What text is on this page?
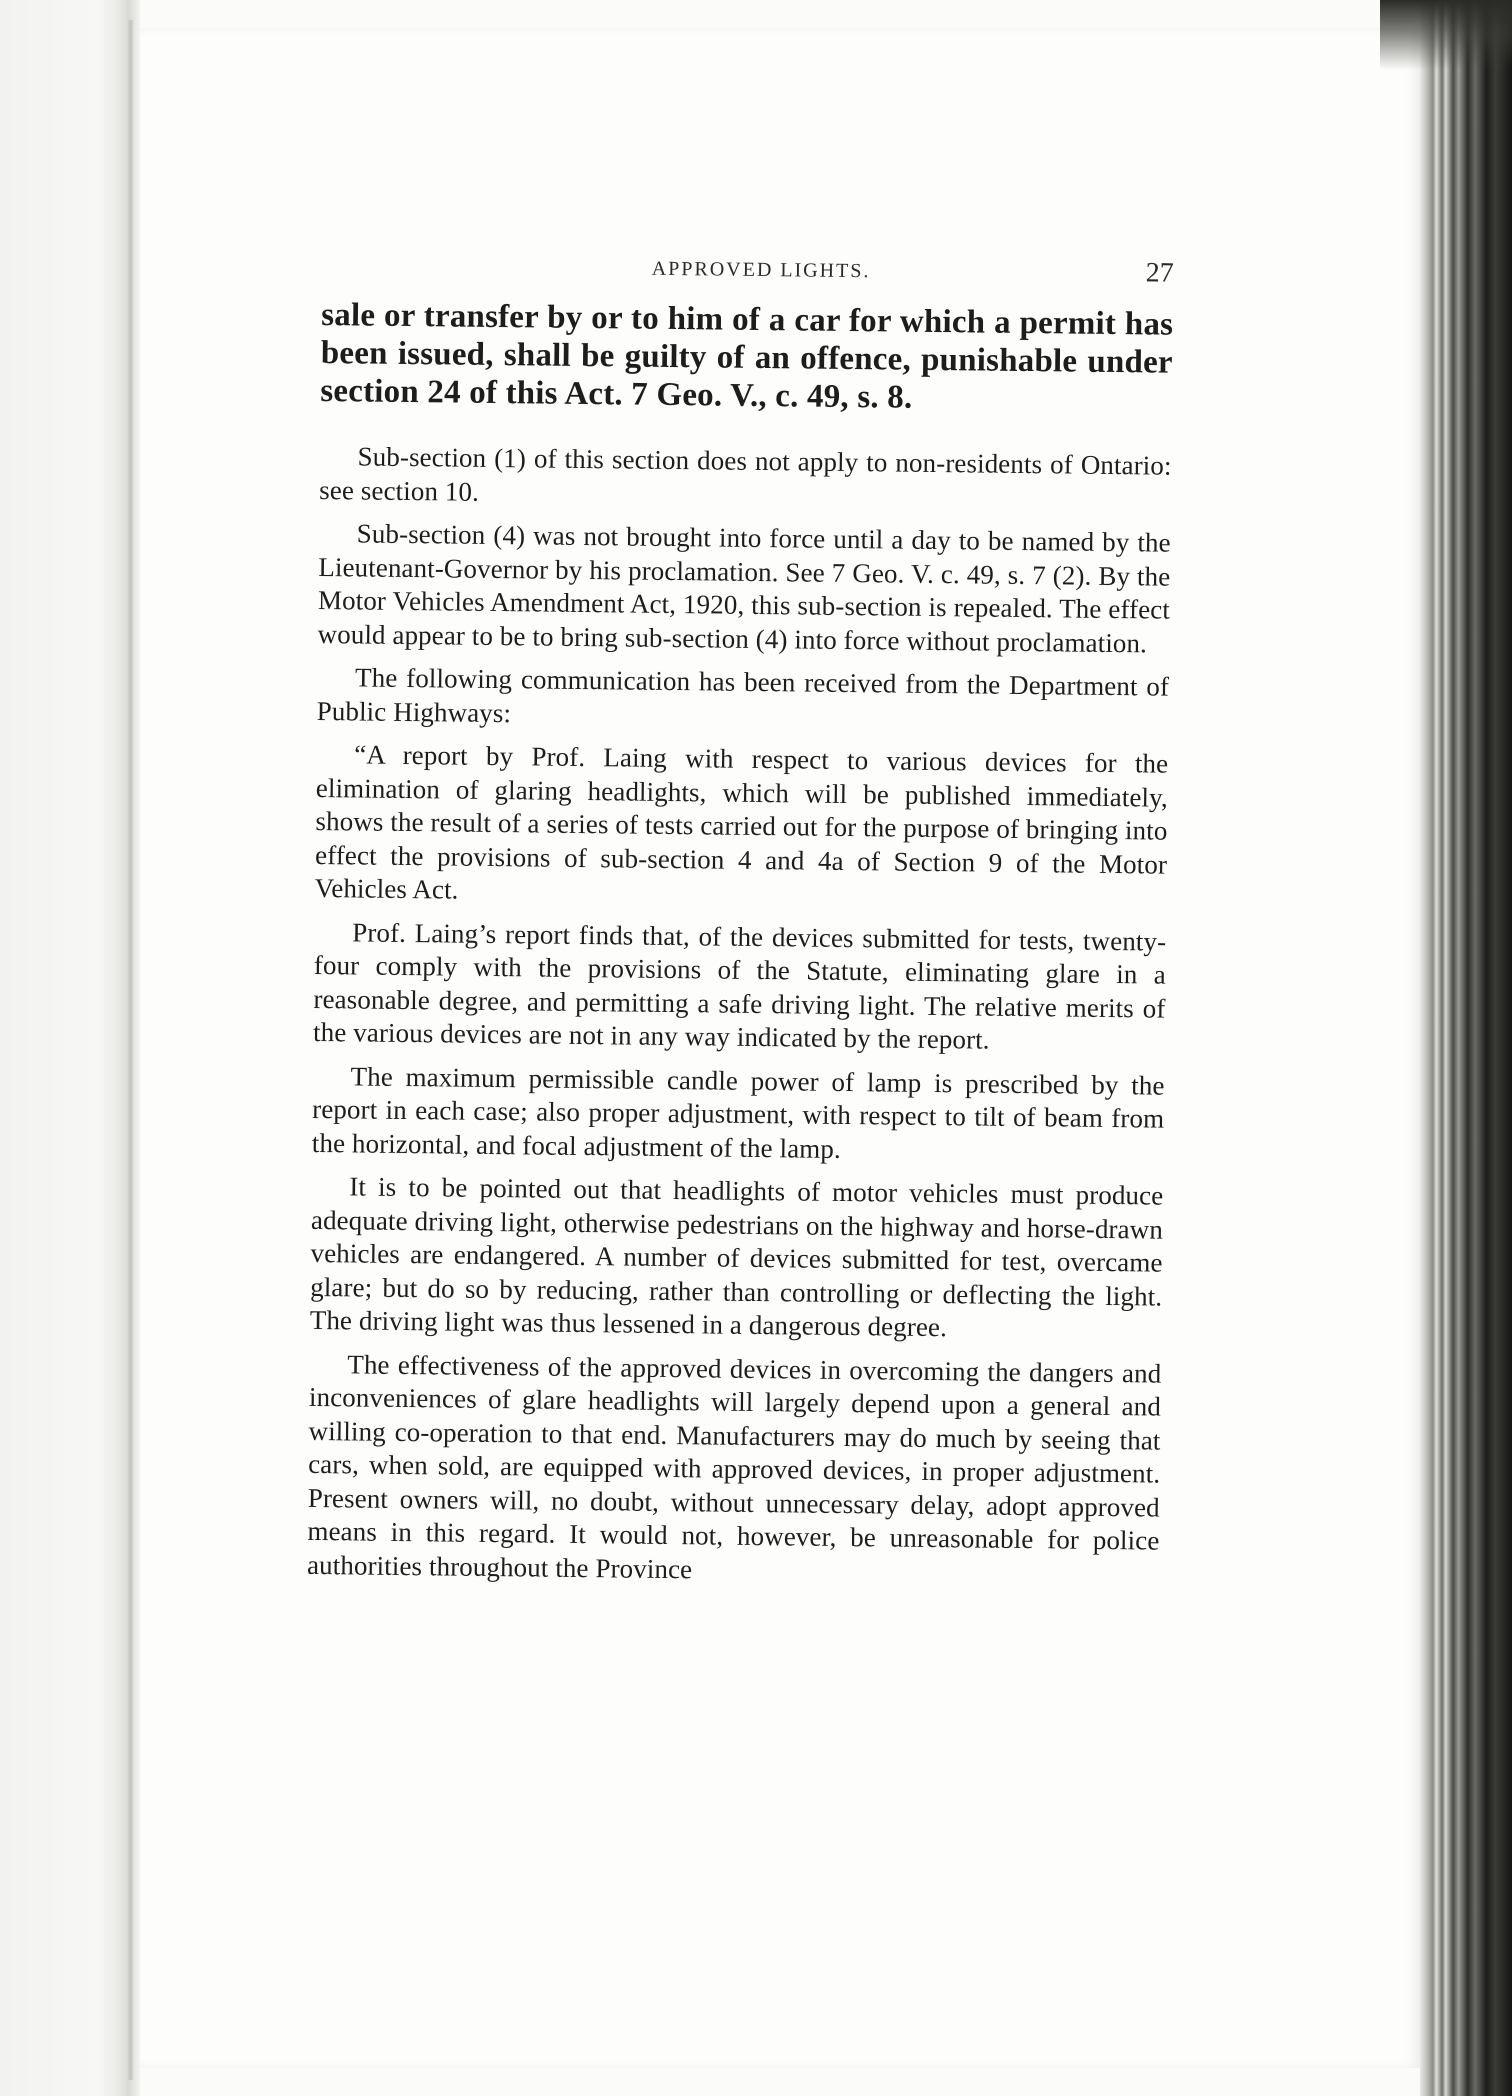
APPROVED LIGHTS.	27

sale or transfer by or to him of a car for which a permit has been issued, shall be guilty of an offence, punishable under section 24 of this Act. 7 Geo. V., c. 49, s. 8.

Sub-section (1) of this section does not apply to non-residents of Ontario: see section 10.

Sub-section (4) was not brought into force until a day to be named by the Lieutenant-Governor by his proclamation. See 7 Geo. V. c. 49, s. 7 (2). By the Motor Vehicles Amendment Act, 1920, this sub-section is repealed. The effect would appear to be to bring sub-section (4) into force without proclamation.

The following communication has been received from the Department of Public Highways:

“A report by Prof. Laing with respect to various devices for the elimination of glaring headlights, which will be published immediately, shows the result of a series of tests carried out for the purpose of bringing into effect the provisions of sub-section 4 and 4a of Section 9 of the Motor Vehicles Act.

Prof. Laing’s report finds that, of the devices submitted for tests, twenty-four comply with the provisions of the Statute, eliminating glare in a reasonable degree, and permitting a safe driving light. The relative merits of the various devices are not in any way indicated by the report.

The maximum permissible candle power of lamp is prescribed by the report in each case; also proper adjustment, with respect to tilt of beam from the horizontal, and focal adjustment of the lamp.

It is to be pointed out that headlights of motor vehicles must produce adequate driving light, otherwise pedestrians on the highway and horse-drawn vehicles are endangered. A number of devices submitted for test, overcame glare; but do so by reducing, rather than controlling or deflecting the light. The driving light was thus lessened in a dangerous degree.

The effectiveness of the approved devices in overcoming the dangers and inconveniences of glare headlights will largely depend upon a general and willing co-operation to that end. Manufacturers may do much by seeing that cars, when sold, are equipped with approved devices, in proper adjustment. Present owners will, no doubt, without unnecessary delay, adopt approved means in this regard. It would not, however, be unreasonable for police authorities throughout the Province
